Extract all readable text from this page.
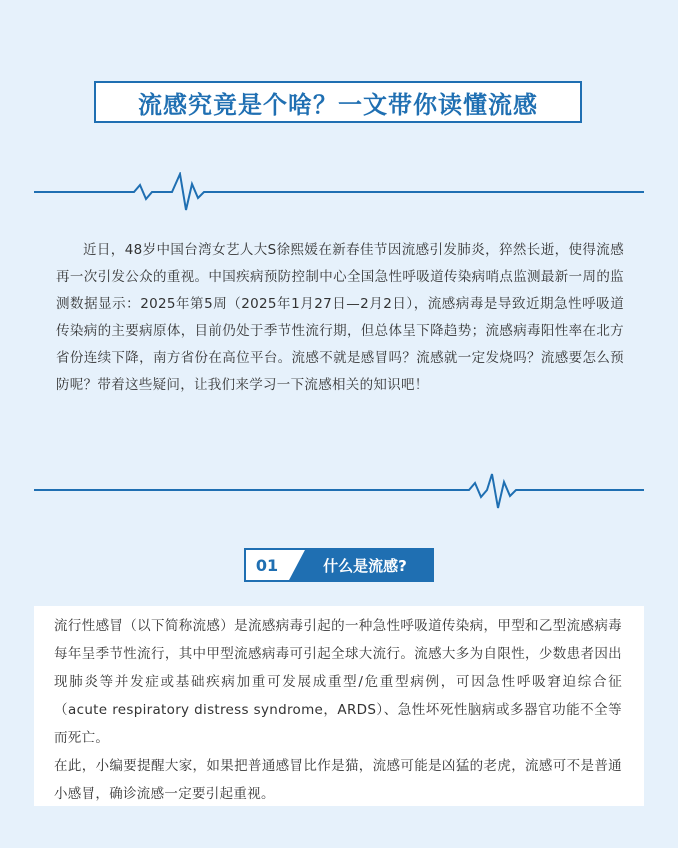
流感究竟是个啥？一文带你读懂流感

近日，48岁中国台湾女艺人大S徐熙媛在新春佳节因流感引发肺炎，猝然长逝，使得流感再一次引发公众的重视。中国疾病预防控制中心全国急性呼吸道传染病哨点监测最新一周的监测数据显示：2025年第5周（2025年1月27日—2月2日），流感病毒是导致近期急性呼吸道传染病的主要病原体，目前仍处于季节性流行期，但总体呈下降趋势；流感病毒阳性率在北方省份连续下降，南方省份在高位平台。流感不就是感冒吗？流感就一定发烧吗？流感要怎么预防呢？带着这些疑问，让我们来学习一下流感相关的知识吧！

01	什么是流感?

流行性感冒（以下简称流感）是流感病毒引起的一种急性呼吸道传染病，甲型和乙型流感病毒每年呈季节性流行，其中甲型流感病毒可引起全球大流行。流感大多为自限性，少数患者因出现肺炎等并发症或基础疾病加重可发展成重型/危重型病例，可因急性呼吸窘迫综合征（acute respiratory distress syndrome，ARDS）、急性坏死性脑病或多器官功能不全等而死亡。

在此，小编要提醒大家，如果把普通感冒比作是猫，流感可能是凶猛的老虎，流感可不是普通小感冒，确诊流感一定要引起重视。
